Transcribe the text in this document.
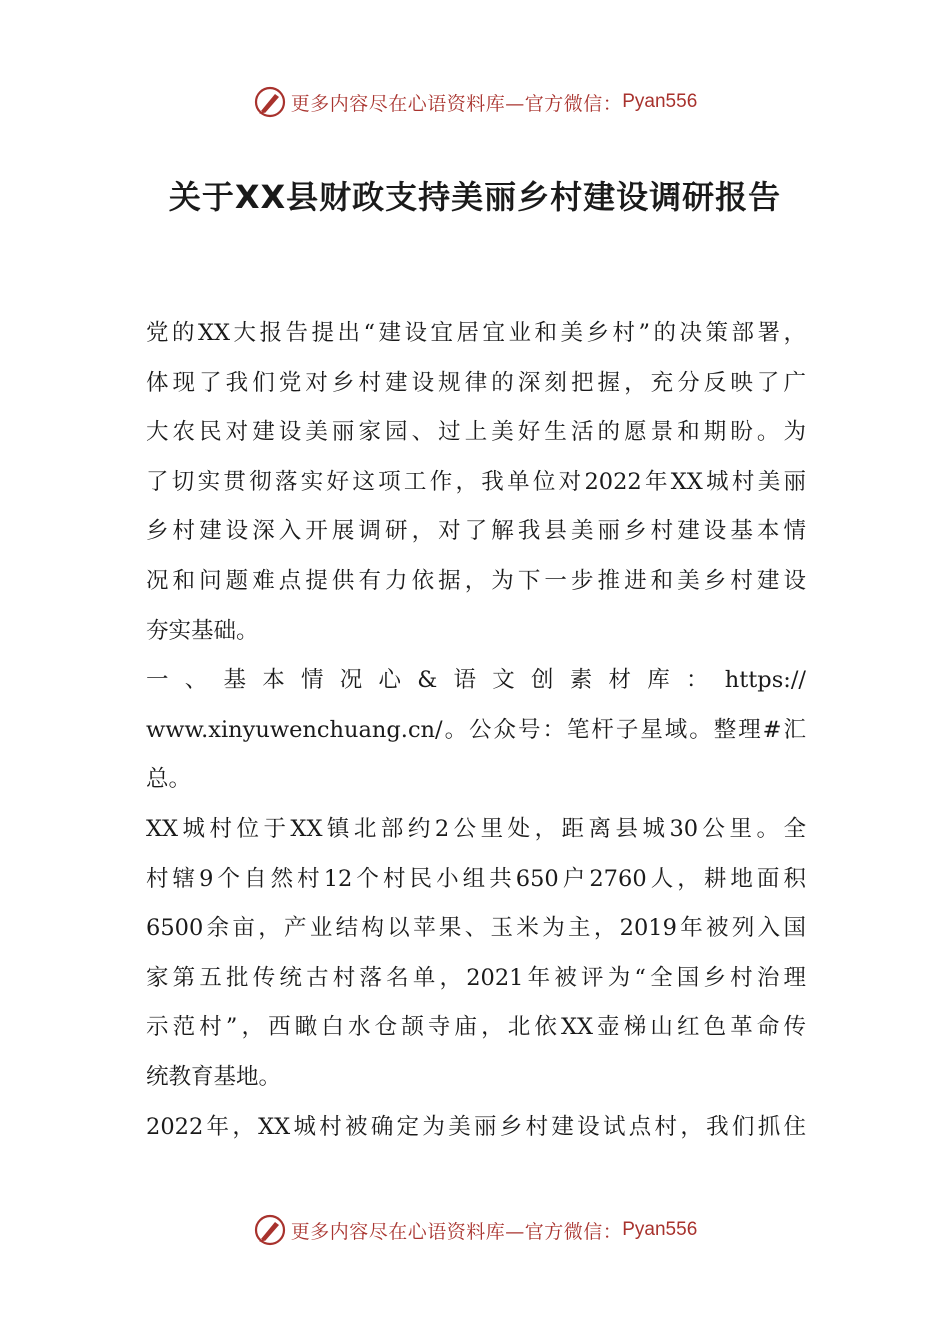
更多内容尽在心语资料库—官方微信： Pyan556
关于XX县财政支持美丽乡村建设调研报告
党的XX大报告提出“建设宜居宜业和美乡村”的决策部署，
体现了我们党对乡村建设规律的深刻把握，充分反映了广
大农民对建设美丽家园、过上美好生活的愿景和期盼。为
了切实贯彻落实好这项工作，我单位对2022年XX城村美丽
乡村建设深入开展调研，对了解我县美丽乡村建设基本情
况和问题难点提供有力依据，为下一步推进和美乡村建设
夯实基础。
一、基本情况心&语文创素材库：https://
www.xinyuwenchuang.cn/。公众号：笔杆子星域。整理#汇
总。
XX城村位于XX镇北部约2公里处，距离县城30公里。全
村辖9个自然村12个村民小组共650户2760人，耕地面积
6500余亩，产业结构以苹果、玉米为主，2019年被列入国
家第五批传统古村落名单，2021年被评为“全国乡村治理
示范村”，西瞰白水仓颉寺庙，北依XX壶梯山红色革命传
统教育基地。
2022年，XX城村被确定为美丽乡村建设试点村，我们抓住
更多内容尽在心语资料库—官方微信： Pyan556
